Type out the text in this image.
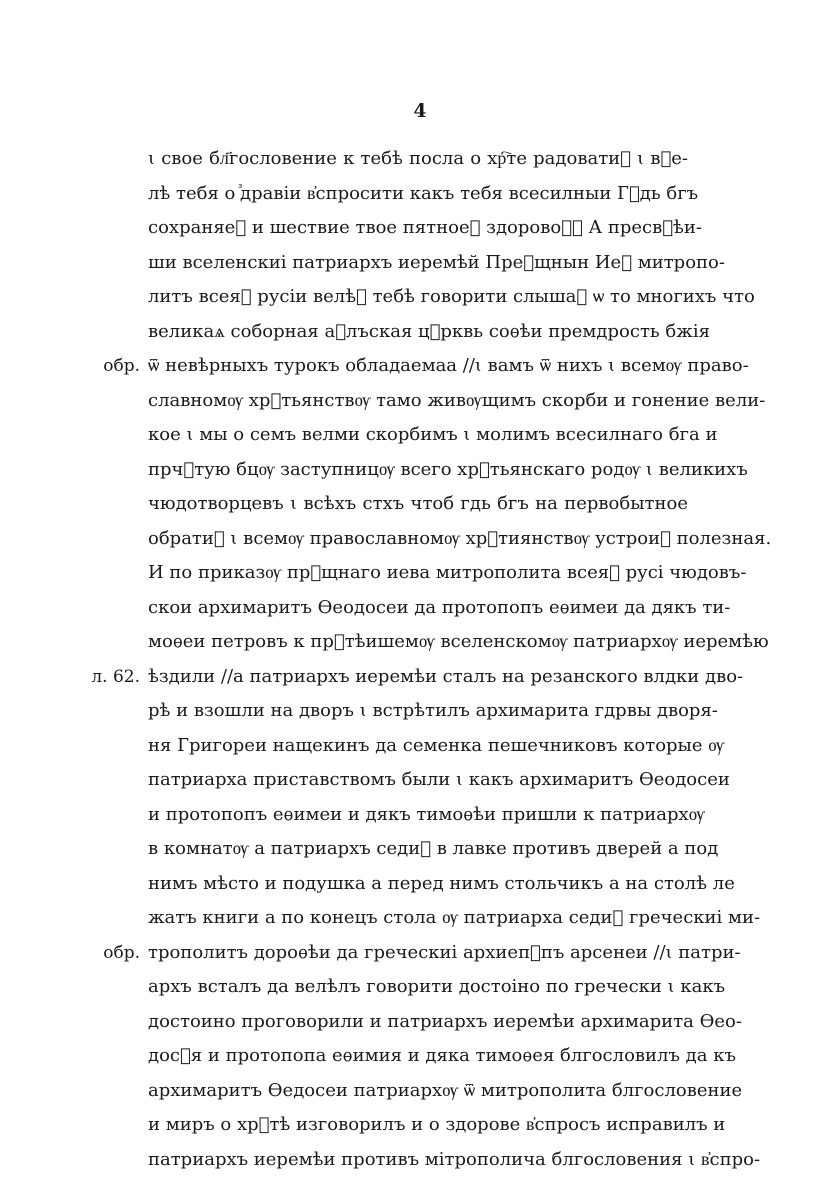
4
ꙇ свое бл҃гословение к тебѣ посла о хр҇те радоватиⷭ ꙇ вⷭе-
лѣ тебя о ⷥдравiи в҆спросити какъ тебя всесилныи Гⷭдь бгъ
сохраняеⷮ и шествие твое пятноеⷢ здоровоⷧⷪ А пресвⷮѣи-
ши вселенскиі патриархъ иеремѣй Преⷭщнын Иеⷡ митропо-
литъ всеяⷬ русiи велѣⷧ тебѣ говорити слышаⷯ ѡ то многихъ что
великаѧ соборная аⷢлъская цⷬрквь соѳѣи премдрость бжiя
обр. ѿ невѣрныхъ турокъ обладаемаа //ꙇ вамъ ѿ нихъ ꙇ всемѹ право-
славномѹ хрⷭтьянствѹ тамо живѹщимъ скорби и гонение вели-
кое ꙇ мы о семъ велми скорбимъ ꙇ молимъ всесилнаго бга и
прчⷭтую бцѹ заступницѹ всего хрⷭтьянскаго родѹ ꙇ великихъ
чюдотворцевъ ꙇ всѣхъ стхъ чтоб гдь бгъ на первобытное
обратиⷮ ꙇ всемѹ православномѹ хрⷭтиянствѹ устроиⷧ полезная.
И по приказѹ прⷭщнаго иева митрополита всеяⷬ русі чюдовъ-
скои архимаритъ Ѳеодосеи да протопопъ еѳимеи да дякъ ти-
моѳеи петровъ к прⷭтѣишемѹ вселенскомѹ патриархѹ иеремѣю
л. 62. ѣздили //а патриархъ иеремѣи сталъ на резанского влдки дво-
рѣ и взошли на дворъ ꙇ встрѣтилъ архимарита гдрвы дворя-
ня Григореи нащекинъ да семенка пешечниковъ которые ѹ
патриарха приставствомъ были ꙇ какъ архимаритъ Ѳеодосеи
и протопопъ еѳимеи и дякъ тимоѳѣи пришли к патриархѹ
в комнатѹ а патриархъ седиⷮ в лавке противъ дверей а под
нимъ мѣсто и подушка а перед нимъ стольчикъ а на столѣ ле
жатъ книги а по конецъ стола ѹ патриарха седиⷮ греческиі ми-
обр. трополитъ дороѳѣи да греческиі архиепⷭпъ арсенеи //ꙇ патри-
архъ всталъ да велѣлъ говорити достоiно по гречески ꙇ какъ
достоино проговорили и патриархъ иеремѣи архимарита Ѳео-
досⷭя и протопопа еѳимия и дяка тимоѳея блгословилъ да къ
архимаритъ Ѳедосеи патриархѹ ѿ митрополита блгословение
и миръ о хрⷭтѣ изговорилъ и о здорове в҆спросъ исправилъ и
патриархъ иеремѣи противъ мiтрополича блгословения ꙇ в҆спро-
